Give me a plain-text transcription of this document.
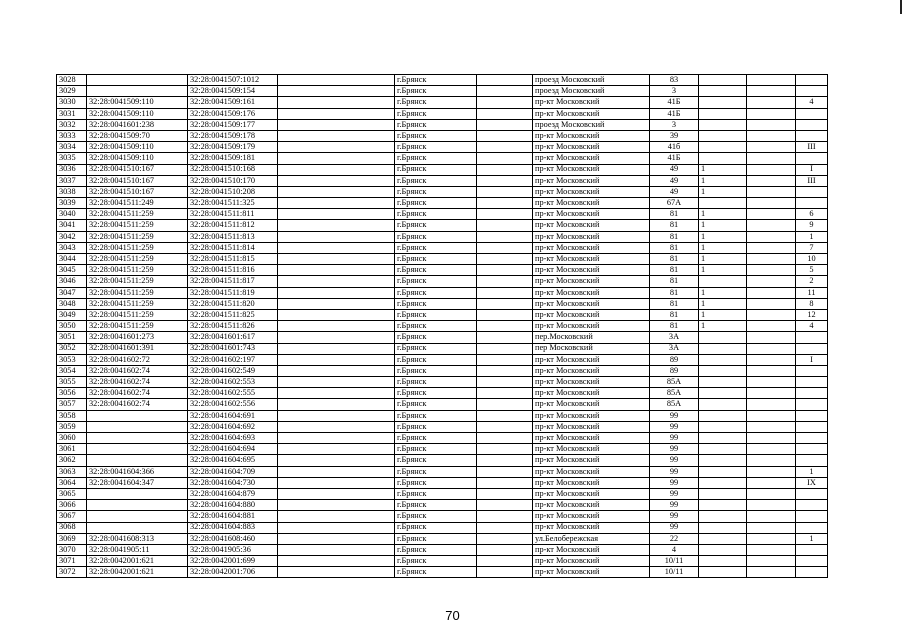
3028		32:28:0041507:1012		г.Брянск		проезд Московский	83			
3029		32:28:0041509:154		г.Брянск		проезд Московский	3			
3030	32:28:0041509:110	32:28:0041509:161		г.Брянск		пр-кт Московский	41Б			4
3031	32:28:0041509:110	32:28:0041509:176		г.Брянск		пр-кт Московский	41Б			
3032	32:28:0041601:238	32:28:0041509:177		г.Брянск		проезд Московский	3			
3033	32:28:0041509:70	32:28:0041509:178		г.Брянск		пр-кт Московский	39			
3034	32:28:0041509:110	32:28:0041509:179		г.Брянск		пр-кт Московский	41б			III
3035	32:28:0041509:110	32:28:0041509:181		г.Брянск		пр-кт Московский	41Б			
3036	32:28:0041510:167	32:28:0041510:168		г.Брянск		пр-кт Московский	49	1		I
3037	32:28:0041510:167	32:28:0041510:170		г.Брянск		пр-кт Московский	49	1		III
3038	32:28:0041510:167	32:28:0041510:208		г.Брянск		пр-кт Московский	49	1		
3039	32:28:0041511:249	32:28:0041511:325		г.Брянск		пр-кт Московский	67А			
3040	32:28:0041511:259	32:28:0041511:811		г.Брянск		пр-кт Московский	81	1		6
3041	32:28:0041511:259	32:28:0041511:812		г.Брянск		пр-кт Московский	81	1		9
3042	32:28:0041511:259	32:28:0041511:813		г.Брянск		пр-кт Московский	81	1		1
3043	32:28:0041511:259	32:28:0041511:814		г.Брянск		пр-кт Московский	81	1		7
3044	32:28:0041511:259	32:28:0041511:815		г.Брянск		пр-кт Московский	81	1		10
3045	32:28:0041511:259	32:28:0041511:816		г.Брянск		пр-кт Московский	81	1		5
3046	32:28:0041511:259	32:28:0041511:817		г.Брянск		пр-кт Московский	81			2
3047	32:28:0041511:259	32:28:0041511:819		г.Брянск		пр-кт Московский	81	1		11
3048	32:28:0041511:259	32:28:0041511:820		г.Брянск		пр-кт Московский	81	1		8
3049	32:28:0041511:259	32:28:0041511:825		г.Брянск		пр-кт Московский	81	1		12
3050	32:28:0041511:259	32:28:0041511:826		г.Брянск		пр-кт Московский	81	1		4
3051	32:28:0041601:273	32:28:0041601:617		г.Брянск		пер.Московский	3А			
3052	32:28:0041601:391	32:28:0041601:743		г.Брянск		пер Московский	3А			
3053	32:28:0041602:72	32:28:0041602:197		г.Брянск		пр-кт Московский	89			I
3054	32:28:0041602:74	32:28:0041602:549		г.Брянск		пр-кт Московский	89			
3055	32:28:0041602:74	32:28:0041602:553		г.Брянск		пр-кт Московский	85А			
3056	32:28:0041602:74	32:28:0041602:555		г.Брянск		пр-кт Московский	85А			
3057	32:28:0041602:74	32:28:0041602:556		г.Брянск		пр-кт Московский	85А			
3058		32:28:0041604:691		г.Брянск		пр-кт Московский	99			
3059		32:28:0041604:692		г.Брянск		пр-кт Московский	99			
3060		32:28:0041604:693		г.Брянск		пр-кт Московский	99			
3061		32:28:0041604:694		г.Брянск		пр-кт Московский	99			
3062		32:28:0041604:695		г.Брянск		пр-кт Московский	99			
3063	32:28:0041604:366	32:28:0041604:709		г.Брянск		пр-кт Московский	99			1
3064	32:28:0041604:347	32:28:0041604:730		г.Брянск		пр-кт Московский	99			IX
3065		32:28:0041604:879		г.Брянск		пр-кт Московский	99			
3066		32:28:0041604:880		г.Брянск		пр-кт Московский	99			
3067		32:28:0041604:881		г.Брянск		пр-кт Московский	99			
3068		32:28:0041604:883		г.Брянск		пр-кт Московский	99			
3069	32:28:0041608:313	32:28:0041608:460		г.Брянск		ул.Белобережская	22			1
3070	32:28:0041905:11	32:28:0041905:36		г.Брянск		пр-кт Московский	4			
3071	32:28:0042001:621	32:28:0042001:699		г.Брянск		пр-кт Московский	10/11			
3072	32:28:0042001:621	32:28:0042001:706		г.Брянск		пр-кт Московский	10/11			
70
